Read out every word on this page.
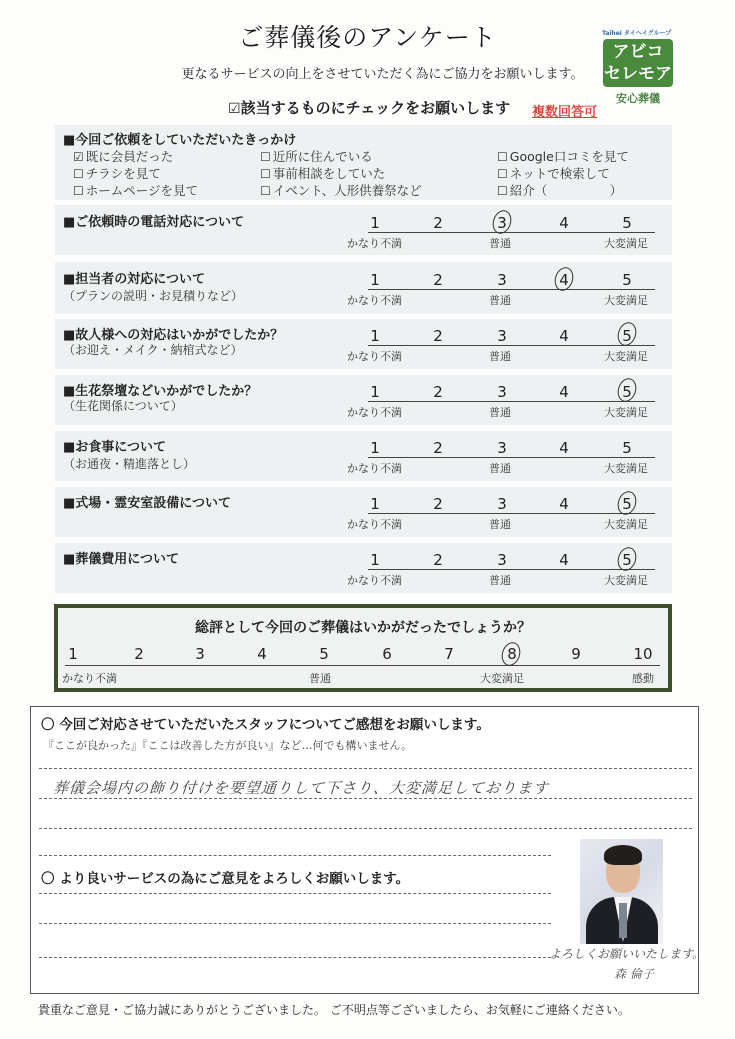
ご葬儀後のアンケート
更なるサービスの向上をさせていただく為にご協力をお願いします。
☑該当するものにチェックをお願いします 複数回答可
Taihei タイヘイグループ
アビコ
セレモア
安心葬儀
■今回ご依頼をしていただいたきっかけ
☑ 既に会員だった	☐ 近所に住んでいる	☐ Google口コミを見て
☐ チラシを見て	☐ 事前相談をしていた	☐ ネットで検索して
☐ ホームページを見て	☐ イベント、人形供養祭など	☐ 紹介（　　　　　）
■ご依頼時の電話対応について	1	2	3	4	5
かなり不満	普通	大変満足
■担当者の対応について
（プランの説明・お見積りなど）
1	2	3	4	5
かなり不満	普通	大変満足
■故人様への対応はいかがでしたか？
（お迎え・メイク・納棺式など）
1	2	3	4	5
かなり不満	普通	大変満足
■生花祭壇などいかがでしたか？
（生花関係について）
1	2	3	4	5
かなり不満	普通	大変満足
■お食事について
（お通夜・精進落とし）
1	2	3	4	5
かなり不満	普通	大変満足
■式場・霊安室設備について	1	2	3	4	5
かなり不満	普通	大変満足
■葬儀費用について	1	2	3	4	5
かなり不満	普通	大変満足
総評として今回のご葬儀はいかがだったでしょうか？
1	2	3	4	5	6	7	8	9	10
かなり不満	普通	大変満足	感動
〇 今回ご対応させていただいたスタッフについてご感想をお願いします。
『ここが良かった』『ここは改善した方が良い』など…何でも構いません。
葬儀会場内の飾り付けを要望通りして下さり、大変満足しております
〇 より良いサービスの為にご意見をよろしくお願いします。
よろしくお願いいたします。
森 倫子
貴重なご意見・ご協力誠にありがとうございました。 ご不明点等ございましたら、お気軽にご連絡ください。
